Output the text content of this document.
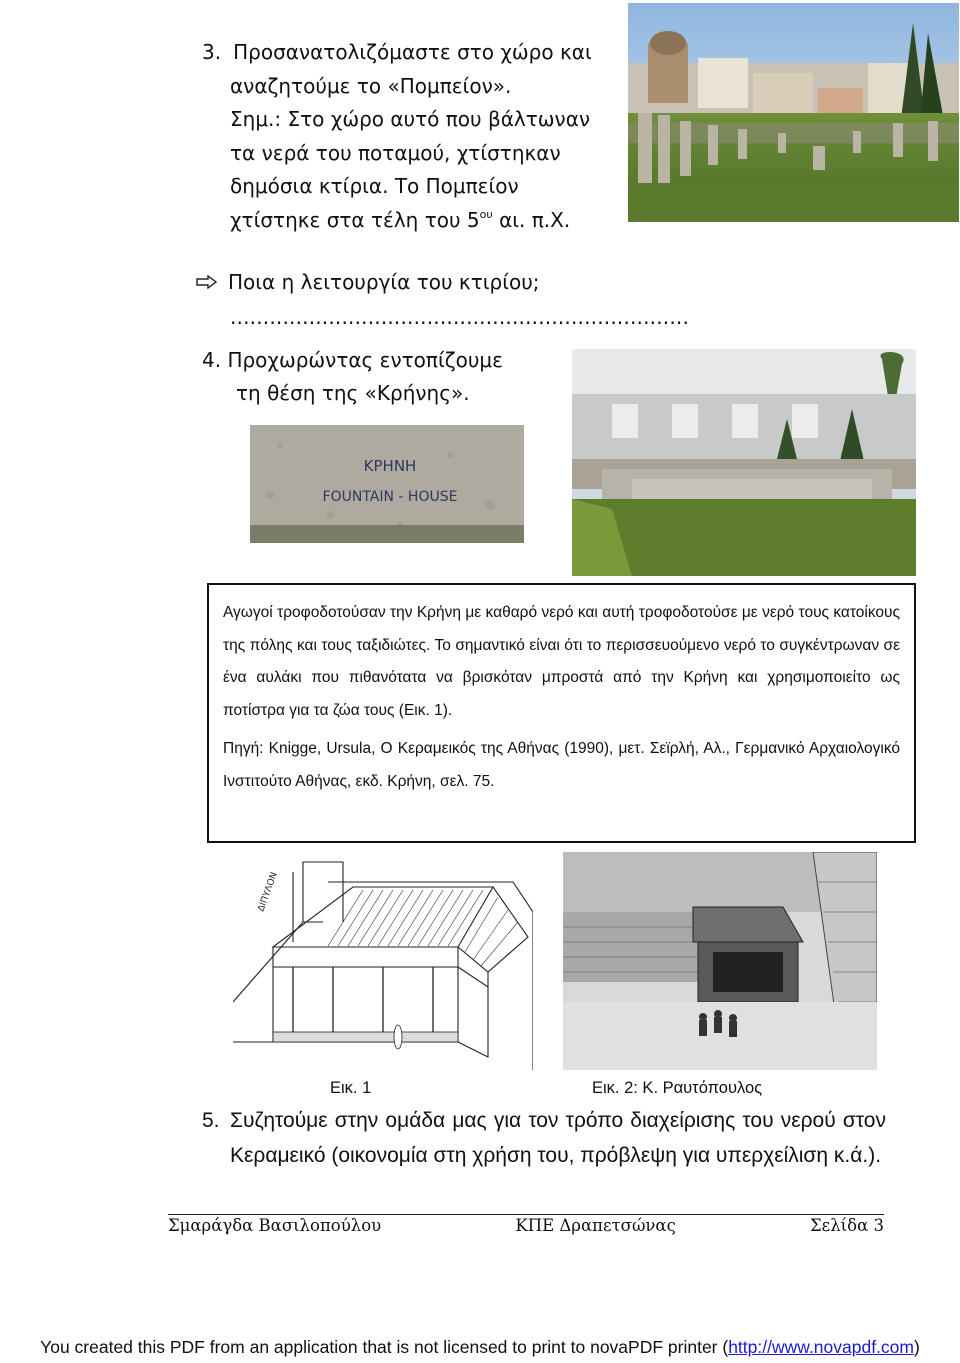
3. Προσανατολιζόμαστε στο χώρο και
αναζητούμε το «Πομπείον».
Σημ.: Στο χώρο αυτό που βάλτωναν
τα νερά του ποταμού, χτίστηκαν
δημόσια κτίρια. Το Πομπείον
χτίστηκε στα τέλη του $5^{o\upsilon}$ αι. π.Χ.
Ποια η λειτουργία του κτιρίου;
......................................................................
4. Προχωρώντας εντοπίζουμε
τη θέση της «Κρήνης».
ΚΡΗΝΗ
FOUNTAIN - HOUSE

Αγωγοί τροφοδοτούσαν την Κρήνη με καθαρό νερό και αυτή τροφοδοτούσε με νερό τους κατοίκους της πόλης και τους ταξιδιώτες. Το σημαντικό είναι ότι το περισσευούμενο νερό το συγκέντρωναν σε ένα αυλάκι που πιθανότατα να βρισκόταν μπροστά από την Κρήνη και χρησιμοποιείτο ως ποτίστρα για τα ζώα τους (Εικ. 1).

Πηγή: Knigge, Ursula, Ο Κεραμεικός της Αθήνας (1990), μετ. Σεϊρλή, Αλ., Γερμανικό Αρχαιολογικό Ινστιτούτο Αθήνας, εκδ. Κρήνη, σελ. 75.

ΔΙΠΥΛΟΝ
Εικ. 1	Εικ. 2: Κ. Ραυτόπουλος
5. Συζητούμε στην ομάδα μας για τον τρόπο διαχείρισης του νερού στον Κεραμεικό (οικονομία στη χρήση του, πρόβλεψη για υπερχείλιση κ.ά.).
Σμαράγδα Βασιλοπούλου	ΚΠΕ Δραπετσώνας	Σελίδα 3
You created this PDF from an application that is not licensed to print to novaPDF printer (http://www.novapdf.com)
